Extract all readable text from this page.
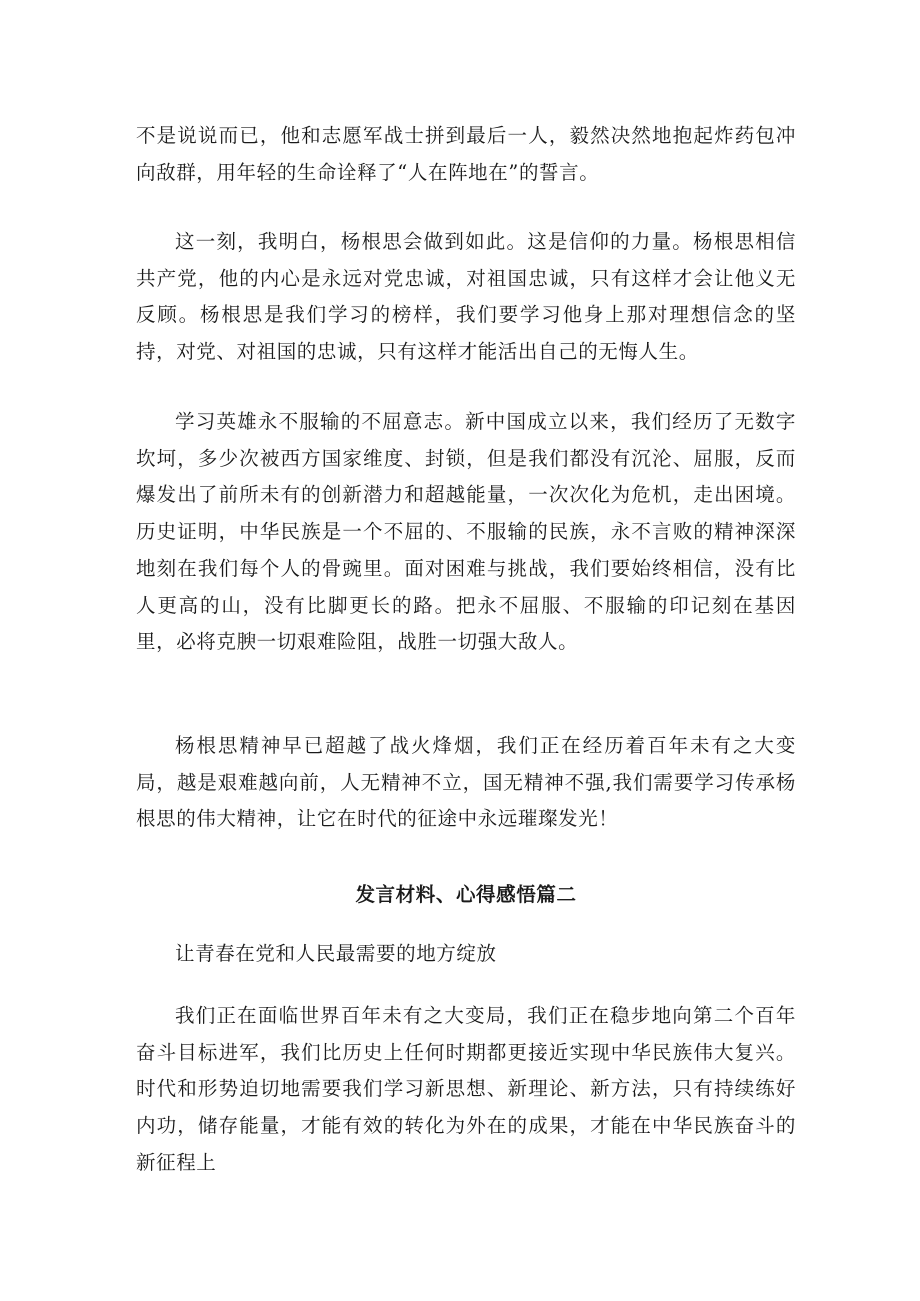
不是说说而已，他和志愿军战士拼到最后一人，毅然决然地抱起炸药包冲向敌群，用年轻的生命诠释了“人在阵地在”的誓言。

这一刻，我明白，杨根思会做到如此。这是信仰的力量。杨根思相信共产党，他的内心是永远对党忠诚，对祖国忠诚，只有这样才会让他义无反顾。杨根思是我们学习的榜样，我们要学习他身上那对理想信念的坚持，对党、对祖国的忠诚，只有这样才能活出自己的无悔人生。

学习英雄永不服输的不屈意志。新中国成立以来，我们经历了无数字坎坷，多少次被西方国家维度、封锁，但是我们都没有沉沦、屈服，反而爆发出了前所未有的创新潜力和超越能量，一次次化为危机，走出困境。历史证明，中华民族是一个不屈的、不服输的民族，永不言败的精神深深地刻在我们每个人的骨豌里。面对困难与挑战，我们要始终相信，没有比人更高的山，没有比脚更长的路。把永不屈服、不服输的印记刻在基因里，必将克腴一切艰难险阻，战胜一切强大敌人。

杨根思精神早已超越了战火烽烟，我们正在经历着百年未有之大变局，越是艰难越向前，人无精神不立，国无精神不强,我们需要学习传承杨根思的伟大精神，让它在时代的征途中永远璀璨发光！

发言材料、心得感悟篇二

让青春在党和人民最需要的地方绽放

我们正在面临世界百年未有之大变局，我们正在稳步地向第二个百年奋斗目标进军，我们比历史上任何时期都更接近实现中华民族伟大复兴。时代和形势迫切地需要我们学习新思想、新理论、新方法，只有持续练好内功，储存能量，才能有效的转化为外在的成果，才能在中华民族奋斗的新征程上
